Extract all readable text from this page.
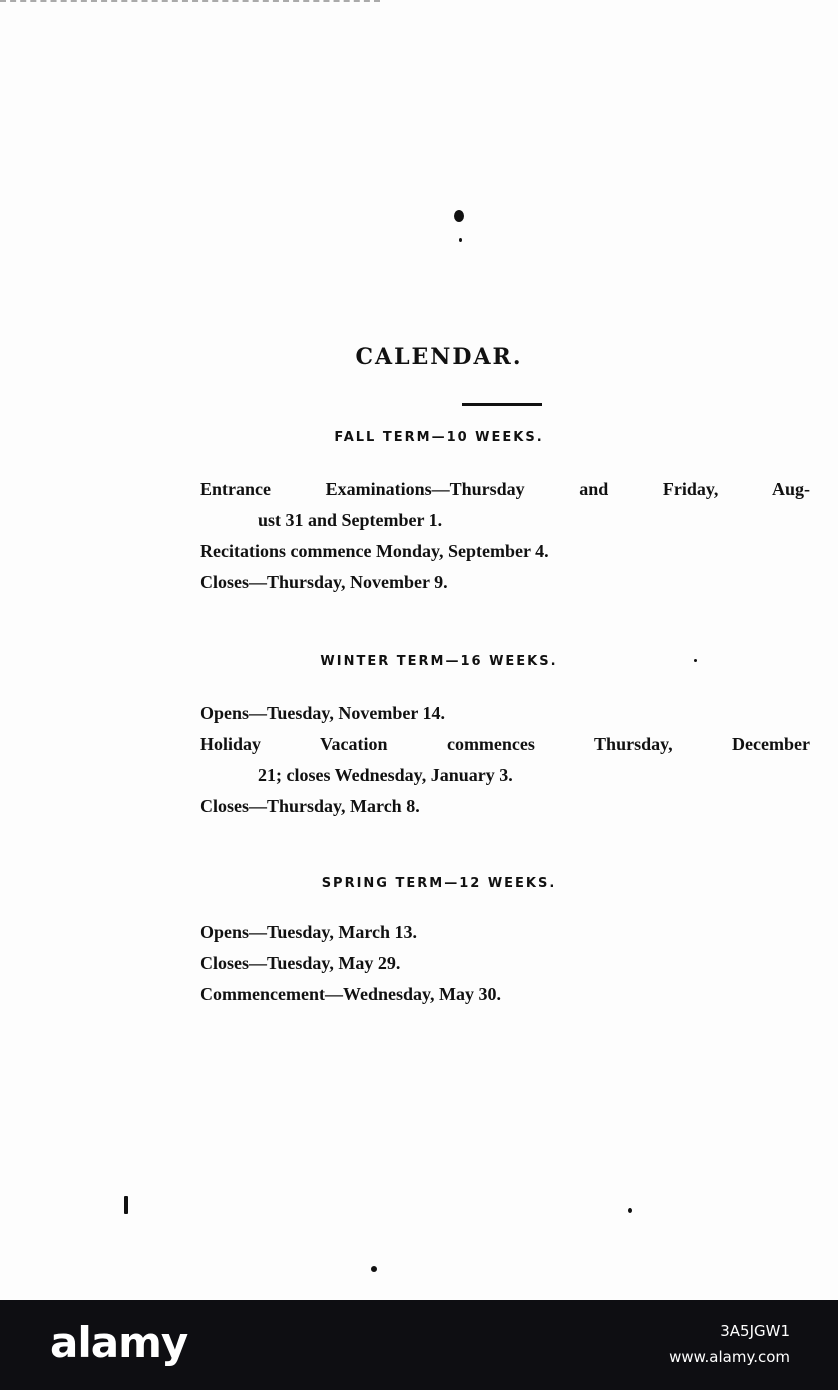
CALENDAR.
FALL TERM—10 WEEKS.
Entrance Examinations—Thursday and Friday, Aug-
ust 31 and September 1.
Recitations commence Monday, September 4.
Closes—Thursday, November 9.
WINTER TERM—16 WEEKS.
Opens—Tuesday, November 14.
Holiday Vacation commences Thursday, December
21; closes Wednesday, January 3.
Closes—Thursday, March 8.
SPRING TERM—12 WEEKS.
Opens—Tuesday, March 13.
Closes—Tuesday, May 29.
Commencement—Wednesday, May 30.
alamy	3A5JGW1
www.alamy.com
